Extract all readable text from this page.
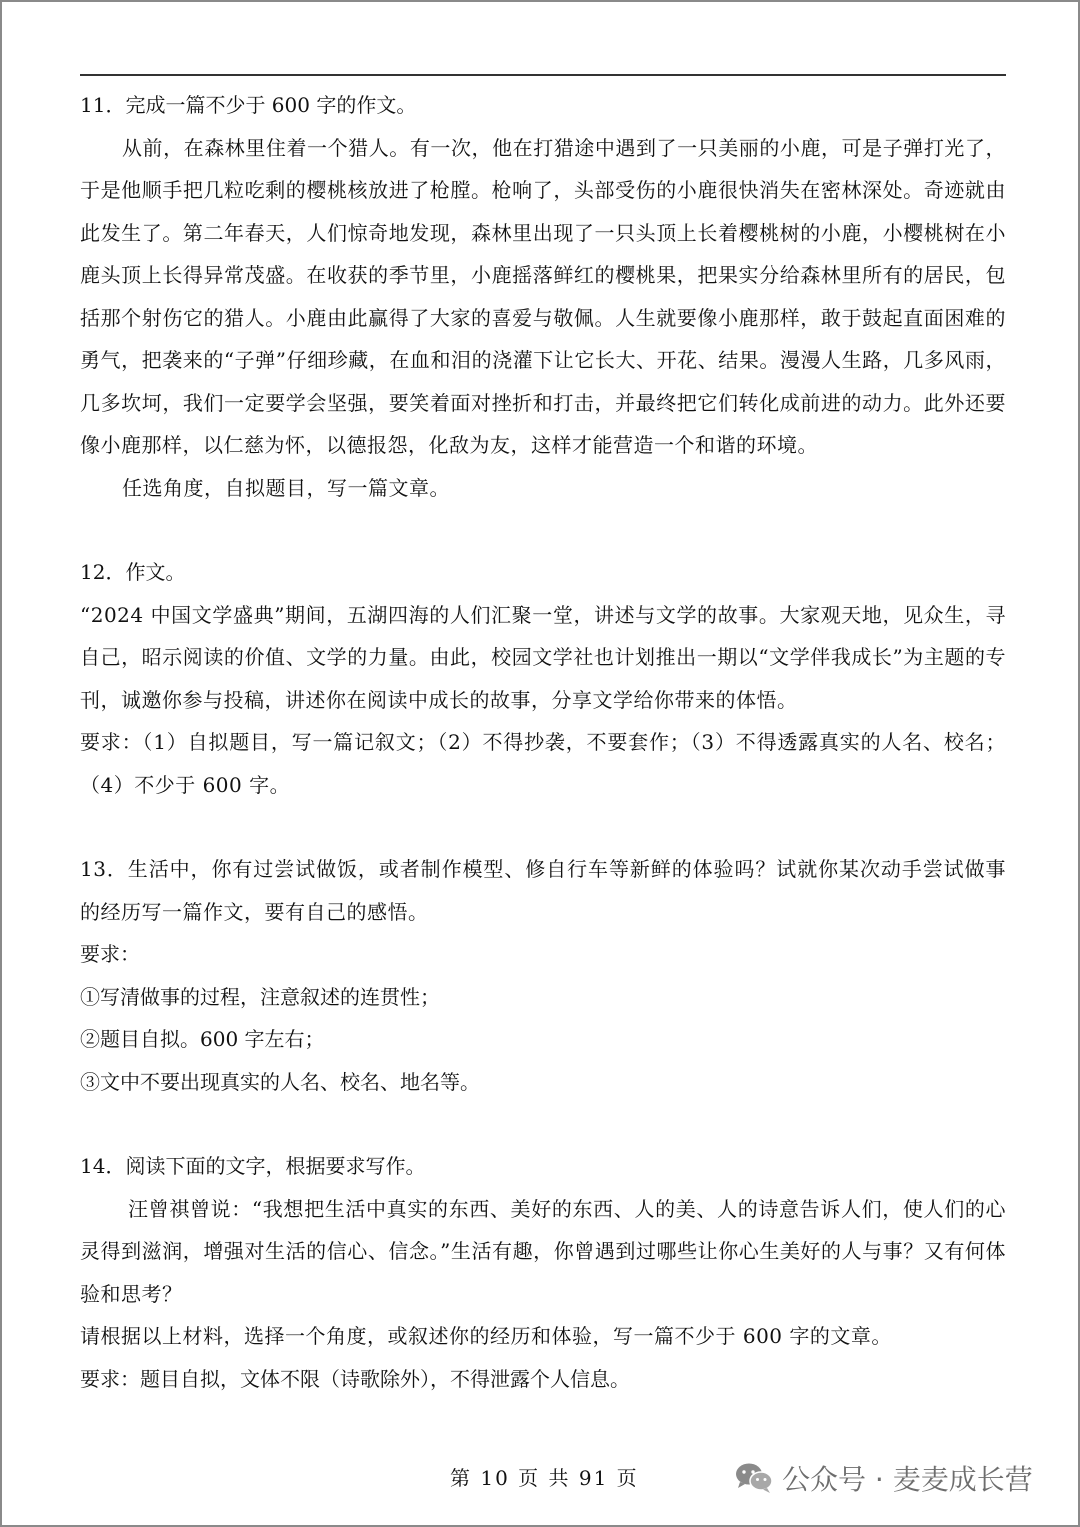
11．完成一篇不少于 600 字的作文。

从前，在森林里住着一个猎人。有一次，他在打猎途中遇到了一只美丽的小鹿，可是子弹打光了，于是他顺手把几粒吃剩的樱桃核放进了枪膛。枪响了，头部受伤的小鹿很快消失在密林深处。奇迹就由此发生了。第二年春天，人们惊奇地发现，森林里出现了一只头顶上长着樱桃树的小鹿，小樱桃树在小鹿头顶上长得异常茂盛。在收获的季节里，小鹿摇落鲜红的樱桃果，把果实分给森林里所有的居民，包括那个射伤它的猎人。小鹿由此赢得了大家的喜爱与敬佩。人生就要像小鹿那样，敢于鼓起直面困难的勇气，把袭来的“子弹”仔细珍藏，在血和泪的浇灌下让它长大、开花、结果。漫漫人生路，几多风雨，几多坎坷，我们一定要学会坚强，要笑着面对挫折和打击，并最终把它们转化成前进的动力。此外还要像小鹿那样，以仁慈为怀，以德报怨，化敌为友，这样才能营造一个和谐的环境。

任选角度，自拟题目，写一篇文章。

12．作文。

“2024 中国文学盛典”期间，五湖四海的人们汇聚一堂，讲述与文学的故事。大家观天地，见众生，寻自己，昭示阅读的价值、文学的力量。由此，校园文学社也计划推出一期以“文学伴我成长”为主题的专刊，诚邀你参与投稿，讲述你在阅读中成长的故事，分享文学给你带来的体悟。

要求：（1）自拟题目，写一篇记叙文；（2）不得抄袭，不要套作；（3）不得透露真实的人名、校名；（4）不少于 600 字。

13．生活中，你有过尝试做饭，或者制作模型、修自行车等新鲜的体验吗？试就你某次动手尝试做事的经历写一篇作文，要有自己的感悟。

要求：

①写清做事的过程，注意叙述的连贯性；

②题目自拟。600 字左右；

③文中不要出现真实的人名、校名、地名等。

14．阅读下面的文字，根据要求写作。

汪曾祺曾说：“我想把生活中真实的东西、美好的东西、人的美、人的诗意告诉人们，使人们的心灵得到滋润，增强对生活的信心、信念。”生活有趣，你曾遇到过哪些让你心生美好的人与事？又有何体验和思考？

请根据以上材料，选择一个角度，或叙述你的经历和体验，写一篇不少于 600 字的文章。

要求：题目自拟，文体不限（诗歌除外），不得泄露个人信息。

第 10 页 共 91 页	公众号 · 麦麦成长营
